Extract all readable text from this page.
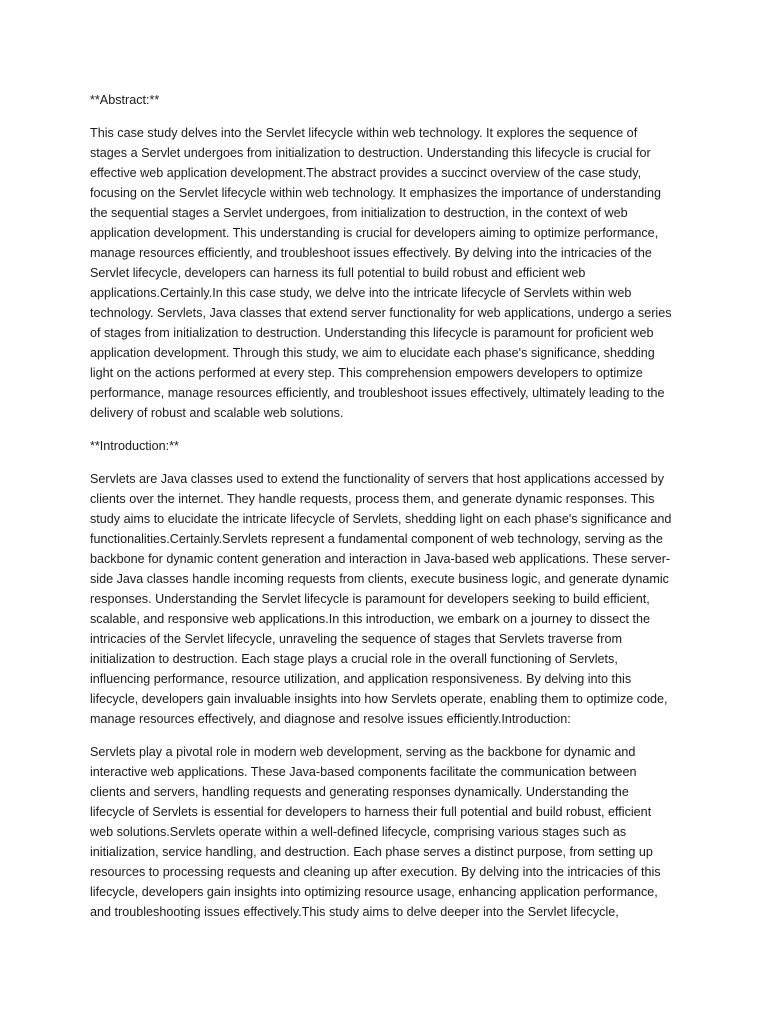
**Abstract:**
This case study delves into the Servlet lifecycle within web technology. It explores the sequence of
stages a Servlet undergoes from initialization to destruction. Understanding this lifecycle is crucial for
effective web application development.The abstract provides a succinct overview of the case study,
focusing on the Servlet lifecycle within web technology. It emphasizes the importance of understanding
the sequential stages a Servlet undergoes, from initialization to destruction, in the context of web
application development. This understanding is crucial for developers aiming to optimize performance,
manage resources efficiently, and troubleshoot issues effectively. By delving into the intricacies of the
Servlet lifecycle, developers can harness its full potential to build robust and efficient web
applications.Certainly.In this case study, we delve into the intricate lifecycle of Servlets within web
technology. Servlets, Java classes that extend server functionality for web applications, undergo a series
of stages from initialization to destruction. Understanding this lifecycle is paramount for proficient web
application development. Through this study, we aim to elucidate each phase's significance, shedding
light on the actions performed at every step. This comprehension empowers developers to optimize
performance, manage resources efficiently, and troubleshoot issues effectively, ultimately leading to the
delivery of robust and scalable web solutions.
**Introduction:**
Servlets are Java classes used to extend the functionality of servers that host applications accessed by
clients over the internet. They handle requests, process them, and generate dynamic responses. This
study aims to elucidate the intricate lifecycle of Servlets, shedding light on each phase's significance and
functionalities.Certainly.Servlets represent a fundamental component of web technology, serving as the
backbone for dynamic content generation and interaction in Java-based web applications. These server-
side Java classes handle incoming requests from clients, execute business logic, and generate dynamic
responses. Understanding the Servlet lifecycle is paramount for developers seeking to build efficient,
scalable, and responsive web applications.In this introduction, we embark on a journey to dissect the
intricacies of the Servlet lifecycle, unraveling the sequence of stages that Servlets traverse from
initialization to destruction. Each stage plays a crucial role in the overall functioning of Servlets,
influencing performance, resource utilization, and application responsiveness. By delving into this
lifecycle, developers gain invaluable insights into how Servlets operate, enabling them to optimize code,
manage resources effectively, and diagnose and resolve issues efficiently.Introduction:
Servlets play a pivotal role in modern web development, serving as the backbone for dynamic and
interactive web applications. These Java-based components facilitate the communication between
clients and servers, handling requests and generating responses dynamically. Understanding the
lifecycle of Servlets is essential for developers to harness their full potential and build robust, efficient
web solutions.Servlets operate within a well-defined lifecycle, comprising various stages such as
initialization, service handling, and destruction. Each phase serves a distinct purpose, from setting up
resources to processing requests and cleaning up after execution. By delving into the intricacies of this
lifecycle, developers gain insights into optimizing resource usage, enhancing application performance,
and troubleshooting issues effectively.This study aims to delve deeper into the Servlet lifecycle,
